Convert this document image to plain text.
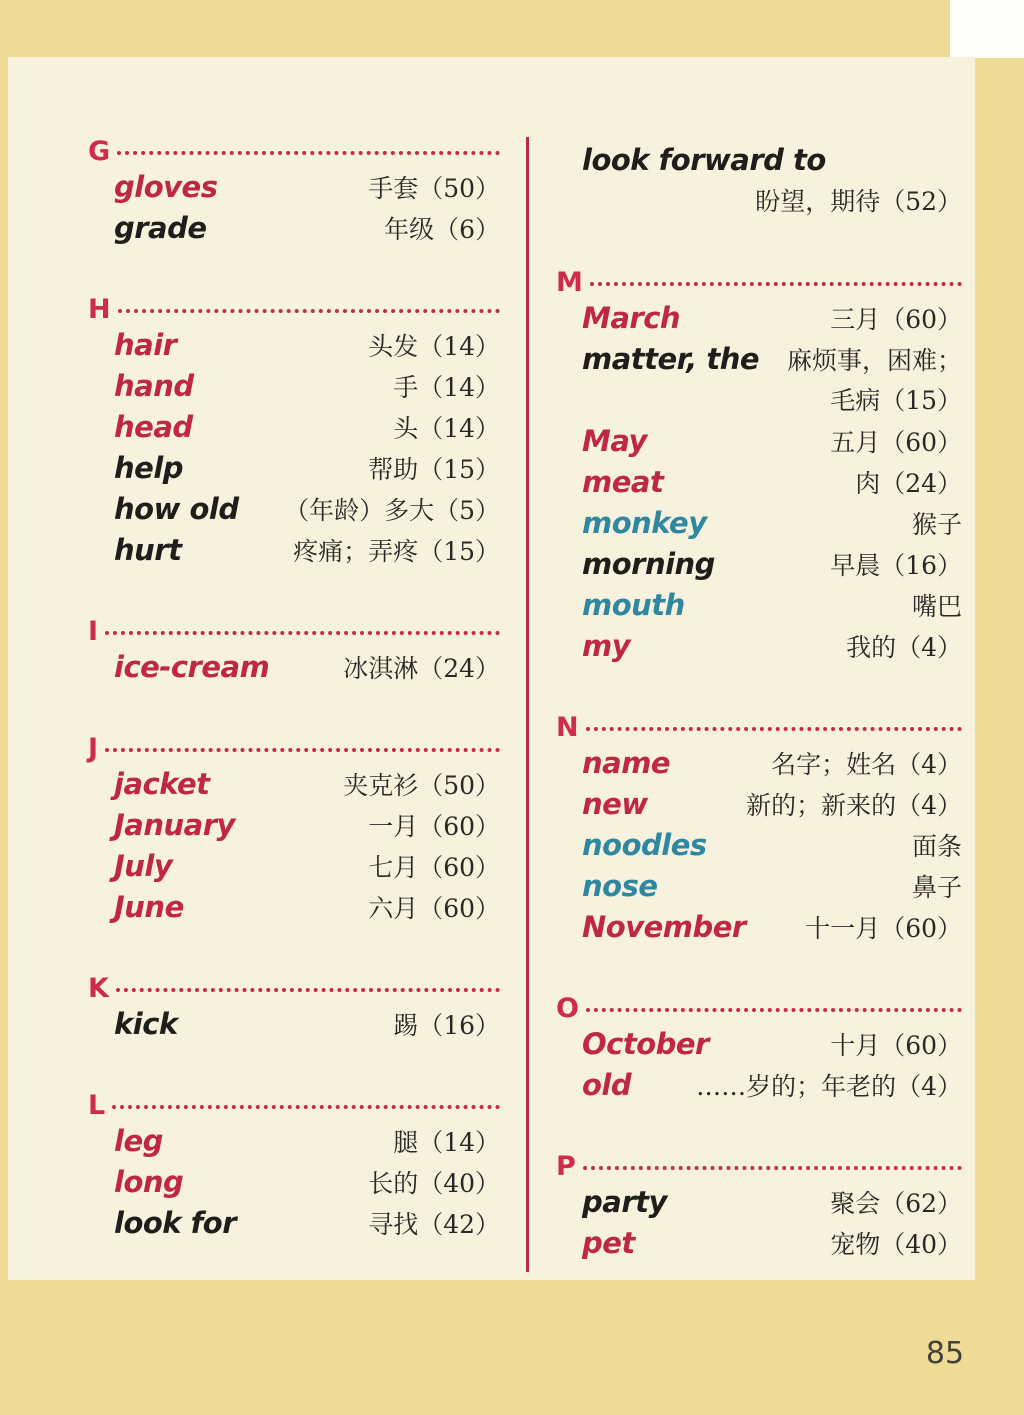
G
gloves	手套（50）
grade	年级（6）
H
hair	头发（14）
hand	手（14）
head	头（14）
help	帮助（15）
how old （年龄）多大（5）
hurt	疼痛；弄疼（15）
I
ice-cream	冰淇淋（24）
J
jacket	夹克衫（50）
January	一月（60）
July	七月（60）
June	六月（60）
K
kick	踢（16）
L
leg	腿（14）
long	长的（40）
look for	寻找（42）
look forward to
盼望，期待（52）
M
March	三月（60）
matter, the 麻烦事，困难；
毛病（15）
May	五月（60）
meat	肉（24）
monkey	猴子
morning	早晨（16）
mouth	嘴巴
my	我的（4）
N
name	名字；姓名（4）
new	新的；新来的（4）
noodles	面条
nose	鼻子
November 十一月（60）
O
October	十月（60）
old	……岁的；年老的（4）
P
party	聚会（62）
pet	宠物（40）
85
